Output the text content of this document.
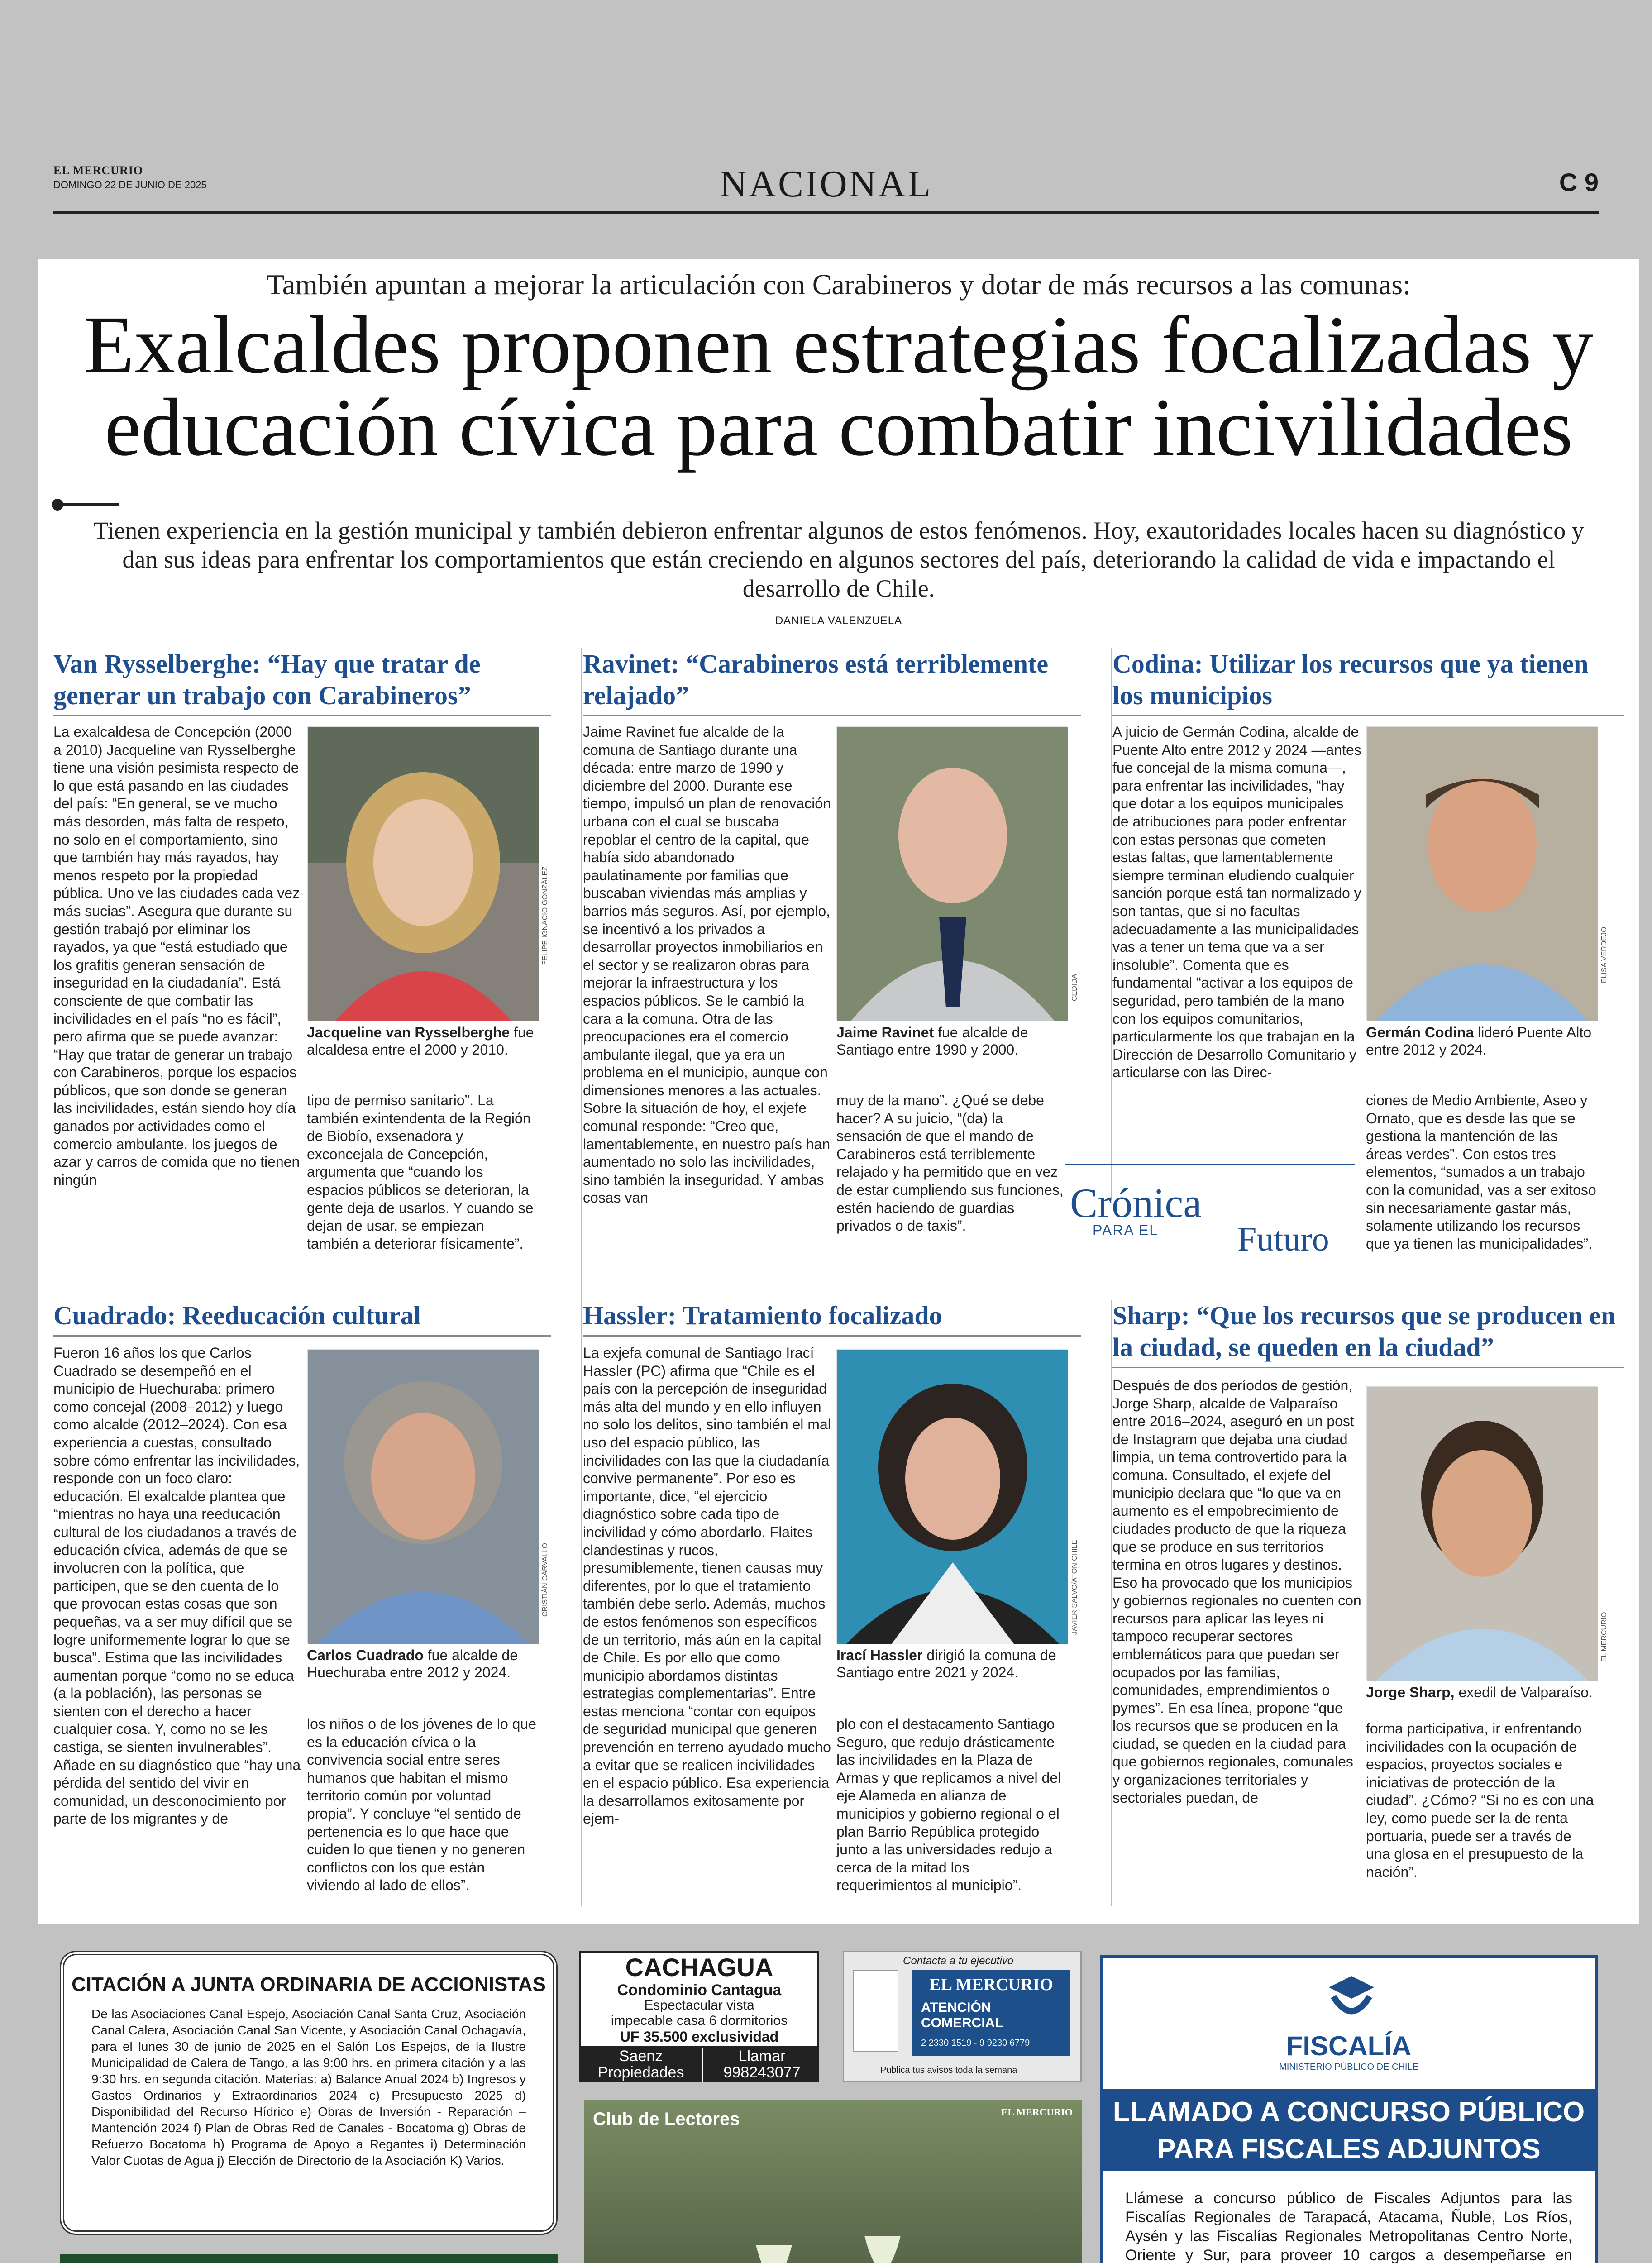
EL MERCURIO
DOMINGO 22 DE JUNIO DE 2025	NACIONAL	C 9
También apuntan a mejorar la articulación con Carabineros y dotar de más recursos a las comunas:
Exalcaldes proponen estrategias focalizadas y
educación cívica para combatir incivilidades
Tienen experiencia en la gestión municipal y también debieron enfrentar algunos de estos fenómenos. Hoy, exautoridades locales hacen su diagnóstico y dan sus ideas para enfrentar los comportamientos que están creciendo en algunos sectores del país, deteriorando la calidad de vida e impactando el desarrollo de Chile.
DANIELA VALENZUELA
Van Rysselberghe: “Hay que tratar de generar un trabajo con Carabineros”
La exalcaldesa de Concepción (2000 a 2010) Jacqueline van Rysselberghe tiene una visión pesimista respecto de lo que está pasando en las ciudades del país: “En general, se ve mucho más desorden, más falta de respeto, no solo en el comportamiento, sino que también hay más rayados, hay menos respeto por la propiedad pública. Uno ve las ciudades cada vez más sucias”. Asegura que durante su gestión trabajó por eliminar los rayados, ya que “está estudiado que los grafitis generan sensación de inseguridad en la ciudadanía”. Está consciente de que combatir las incivilidades en el país “no es fácil”, pero afirma que se puede avanzar: “Hay que tratar de generar un trabajo con Carabineros, porque los espacios públicos, que son donde se generan las incivilidades, están siendo hoy día ganados por actividades como el comercio ambulante, los juegos de azar y carros de comida que no tienen ningún
FELIPE IGNACIO GONZÁLEZ
Jacqueline van Rysselberghe fue alcaldesa entre el 2000 y 2010.
tipo de permiso sanitario”. La también exintendenta de la Región de Biobío, exsenadora y exconcejala de Concepción, argumenta que “cuando los espacios públicos se deterioran, la gente deja de usarlos. Y cuando se dejan de usar, se empiezan también a deteriorar físicamente”.
Ravinet: “Carabineros está terriblemente relajado”
Jaime Ravinet fue alcalde de la comuna de Santiago durante una década: entre marzo de 1990 y diciembre del 2000. Durante ese tiempo, impulsó un plan de renovación urbana con el cual se buscaba repoblar el centro de la capital, que había sido abandonado paulatinamente por familias que buscaban viviendas más amplias y barrios más seguros. Así, por ejemplo, se incentivó a los privados a desarrollar proyectos inmobiliarios en el sector y se realizaron obras para mejorar la infraestructura y los espacios públicos. Se le cambió la cara a la comuna. Otra de las preocupaciones era el comercio ambulante ilegal, que ya era un problema en el municipio, aunque con dimensiones menores a las actuales. Sobre la situación de hoy, el exjefe comunal responde: “Creo que, lamentablemente, en nuestro país han aumentado no solo las incivilidades, sino también la inseguridad. Y ambas cosas van
CEDIDA
Jaime Ravinet fue alcalde de Santiago entre 1990 y 2000.
muy de la mano”. ¿Qué se debe hacer? A su juicio, “(da) la sensación de que el mando de Carabineros está terriblemente relajado y ha permitido que en vez de estar cumpliendo sus funciones, estén haciendo de guardias privados o de taxis”.
Codina: Utilizar los recursos que ya tienen los municipios
A juicio de Germán Codina, alcalde de Puente Alto entre 2012 y 2024 —antes fue concejal de la misma comuna—, para enfrentar las incivilidades, “hay que dotar a los equipos municipales de atribuciones para poder enfrentar con estas personas que cometen estas faltas, que lamentablemente siempre terminan eludiendo cualquier sanción porque está tan normalizado y son tantas, que si no facultas adecuadamente a las municipalidades vas a tener un tema que va a ser insoluble”. Comenta que es fundamental “activar a los equipos de seguridad, pero también de la mano con los equipos comunitarios, particularmente los que trabajan en la Dirección de Desarrollo Comunitario y articularse con las Direc-
ELISA VERDEJO
Germán Codina lideró Puente Alto entre 2012 y 2024.
ciones de Medio Ambiente, Aseo y Ornato, que es desde las que se gestiona la mantención de las áreas verdes”. Con estos tres elementos, “sumados a un trabajo con la comunidad, vas a ser exitoso sin necesariamente gastar más, solamente utilizando los recursos que ya tienen las municipalidades”.
Crónica
PARA EL Futuro
Cuadrado: Reeducación cultural
Fueron 16 años los que Carlos Cuadrado se desempeñó en el municipio de Huechuraba: primero como concejal (2008–2012) y luego como alcalde (2012–2024). Con esa experiencia a cuestas, consultado sobre cómo enfrentar las incivilidades, responde con un foco claro: educación. El exalcalde plantea que “mientras no haya una reeducación cultural de los ciudadanos a través de educación cívica, además de que se involucren con la política, que participen, que se den cuenta de lo que provocan estas cosas que son pequeñas, va a ser muy difícil que se logre uniformemente lograr lo que se busca”. Estima que las incivilidades aumentan porque “como no se educa (a la población), las personas se sienten con el derecho a hacer cualquier cosa. Y, como no se les castiga, se sienten invulnerables”. Añade en su diagnóstico que “hay una pérdida del sentido del vivir en comunidad, un desconocimiento por parte de los migrantes y de
CRISTIÁN CARVALLO
Carlos Cuadrado fue alcalde de Huechuraba entre 2012 y 2024.
los niños o de los jóvenes de lo que es la educación cívica o la convivencia social entre seres humanos que habitan el mismo territorio común por voluntad propia”. Y concluye “el sentido de pertenencia es lo que hace que cuiden lo que tienen y no generen conflictos con los que están viviendo al lado de ellos”.
Hassler: Tratamiento focalizado
La exjefa comunal de Santiago Irací Hassler (PC) afirma que “Chile es el país con la percepción de inseguridad más alta del mundo y en ello influyen no solo los delitos, sino también el mal uso del espacio público, las incivilidades con las que la ciudadanía convive permanente”. Por eso es importante, dice, “el ejercicio diagnóstico sobre cada tipo de incivilidad y cómo abordarlo. Flaites clandestinas y rucos, presumiblemente, tienen causas muy diferentes, por lo que el tratamiento también debe serlo. Además, muchos de estos fenómenos son específicos de un territorio, más aún en la capital de Chile. Es por ello que como municipio abordamos distintas estrategias complementarias”. Entre estas menciona “contar con equipos de seguridad municipal que generen prevención en terreno ayudado mucho a evitar que se realicen incivilidades en el espacio público. Esa experiencia la desarrollamos exitosamente por ejem-
JAVIER SALVO/ATON CHILE
Irací Hassler dirigió la comuna de Santiago entre 2021 y 2024.
plo con el destacamento Santiago Seguro, que redujo drásticamente las incivilidades en la Plaza de Armas y que replicamos a nivel del eje Alameda en alianza de municipios y gobierno regional o el plan Barrio República protegido junto a las universidades redujo a cerca de la mitad los requerimientos al municipio”.
Sharp: “Que los recursos que se producen en la ciudad, se queden en la ciudad”
Después de dos períodos de gestión, Jorge Sharp, alcalde de Valparaíso entre 2016–2024, aseguró en un post de Instagram que dejaba una ciudad limpia, un tema controvertido para la comuna. Consultado, el exjefe del municipio declara que “lo que va en aumento es el empobrecimiento de ciudades producto de que la riqueza que se produce en sus territorios termina en otros lugares y destinos. Eso ha provocado que los municipios y gobiernos regionales no cuenten con recursos para aplicar las leyes ni tampoco recuperar sectores emblemáticos para que puedan ser ocupados por las familias, comunidades, emprendimientos o pymes”. En esa línea, propone “que los recursos que se producen en la ciudad, se queden en la ciudad para que gobiernos regionales, comunales y organizaciones territoriales y sectoriales puedan, de
EL MERCURIO
Jorge Sharp, exedil de Valparaíso.
forma participativa, ir enfrentando incivilidades con la ocupación de espacios, proyectos sociales e iniciativas de protección de la ciudad”. ¿Cómo? “Si no es con una ley, como puede ser la de renta portuaria, puede ser a través de una glosa en el presupuesto de la nación”.
CITACIÓN A JUNTA ORDINARIA DE ACCIONISTAS
De las Asociaciones Canal Espejo, Asociación Canal Santa Cruz, Asociación Canal Calera, Asociación Canal San Vicente, y Asociación Canal Ochagavía, para el lunes 30 de junio de 2025 en el Salón Los Espejos, de la Ilustre Municipalidad de Calera de Tango, a las 9:00 hrs. en primera citación y a las 9:30 hrs. en segunda citación. Materias: a) Balance Anual 2024 b) Ingresos y Gastos Ordinarios y Extraordinarios 2024 c) Presupuesto 2025 d) Disponibilidad del Recurso Hídrico e) Obras de Inversión - Reparación – Mantención 2024 f) Plan de Obras Red de Canales - Bocatoma g) Obras de Refuerzo Bocatoma h) Programa de Apoyo a Regantes i) Determinación Valor Cuotas de Agua j) Elección de Directorio de la Asociación K) Varios.
CACHAGUA
Condominio Cantagua
Espectacular vista
impecable casa 6 dormitorios
UF 35.500 exclusividad
Saenz
Propiedades
Llamar
998243077
Contacta a tu ejecutivo
EL MERCURIO
ATENCIÓN COMERCIAL
2 2330 1519 - 9 9230 6779
Publica tus avisos toda la semana
FISCALÍA
MINISTERIO PÚBLICO DE CHILE
LLAMADO A CONCURSO PÚBLICO PARA FISCALES ADJUNTOS
Llámese a concurso público de Fiscales Adjuntos para las Fiscalías Regionales de Tarapacá, Atacama, Ñuble, Los Ríos, Aysén y las Fiscalías Regionales Metropolitanas Centro Norte, Oriente y Sur, para proveer 10 cargos a desempeñarse en
Club de Lectores	EL MERCURIO
